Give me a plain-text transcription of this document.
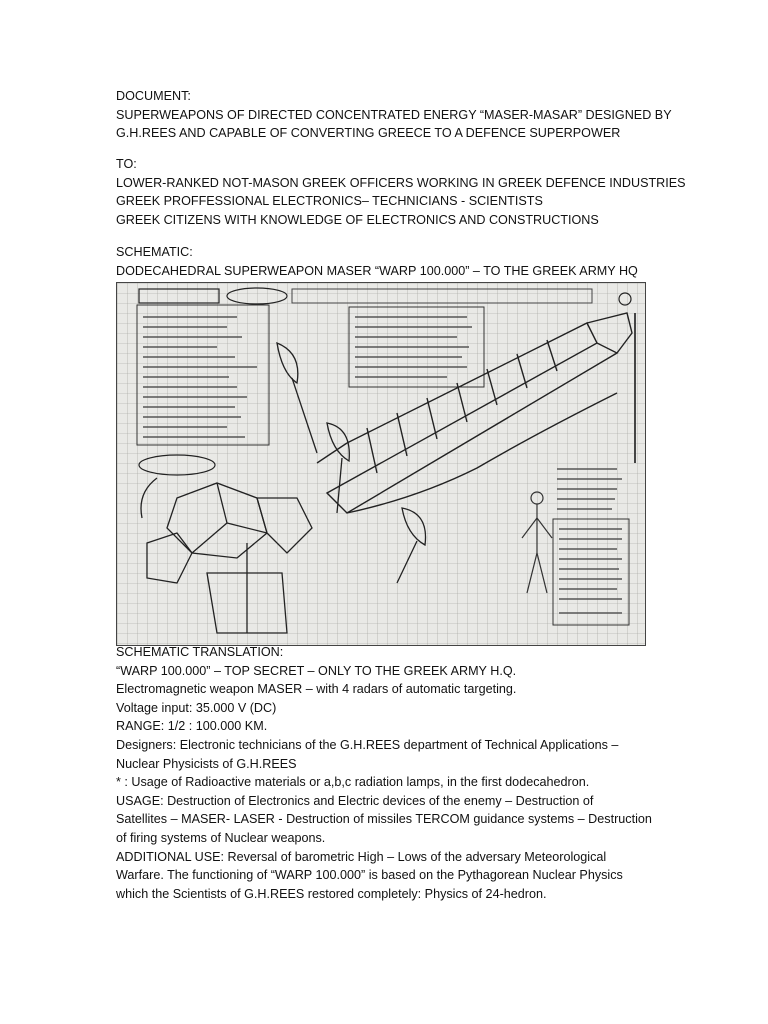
DOCUMENT:
SUPERWEAPONS OF DIRECTED CONCENTRATED ENERGY “MASER-MASAR” DESIGNED BY
G.H.REES AND CAPABLE OF CONVERTING GREECE TO A DEFENCE SUPERPOWER
TO:
LOWER-RANKED NOT-MASON GREEK OFFICERS WORKING IN GREEK DEFENCE INDUSTRIES
GREEK PROFFESSIONAL ELECTRONICS– TECHNICIANS - SCIENTISTS
GREEK CITIZENS WITH KNOWLEDGE OF ELECTRONICS AND CONSTRUCTIONS
SCHEMATIC:
DODECAHEDRAL SUPERWEAPON MASER “WARP 100.000” – TO THE GREEK ARMY HQ
SCHEMATIC TRANSLATION:
“WARP 100.000” – TOP SECRET – ONLY TO THE GREEK ARMY H.Q.
Electromagnetic weapon MASER – with 4 radars of automatic targeting.
Voltage input: 35.000 V (DC)
RANGE: 1/2 : 100.000 KM.
Designers: Electronic technicians of the G.H.REES department of Technical Applications –
Nuclear Physicists of G.H.REES
* : Usage of Radioactive materials or a,b,c radiation lamps, in the first dodecahedron.
USAGE: Destruction of Electronics and Electric devices of the enemy – Destruction of
Satellites – MASER- LASER - Destruction of missiles TERCOM guidance systems – Destruction
of firing systems of Nuclear weapons.
ADDITIONAL USE: Reversal of barometric High – Lows of the adversary Meteorological
Warfare. The functioning of “WARP 100.000” is based on the Pythagorean Nuclear Physics
which the Scientists of G.H.REES restored completely: Physics of 24-hedron.
